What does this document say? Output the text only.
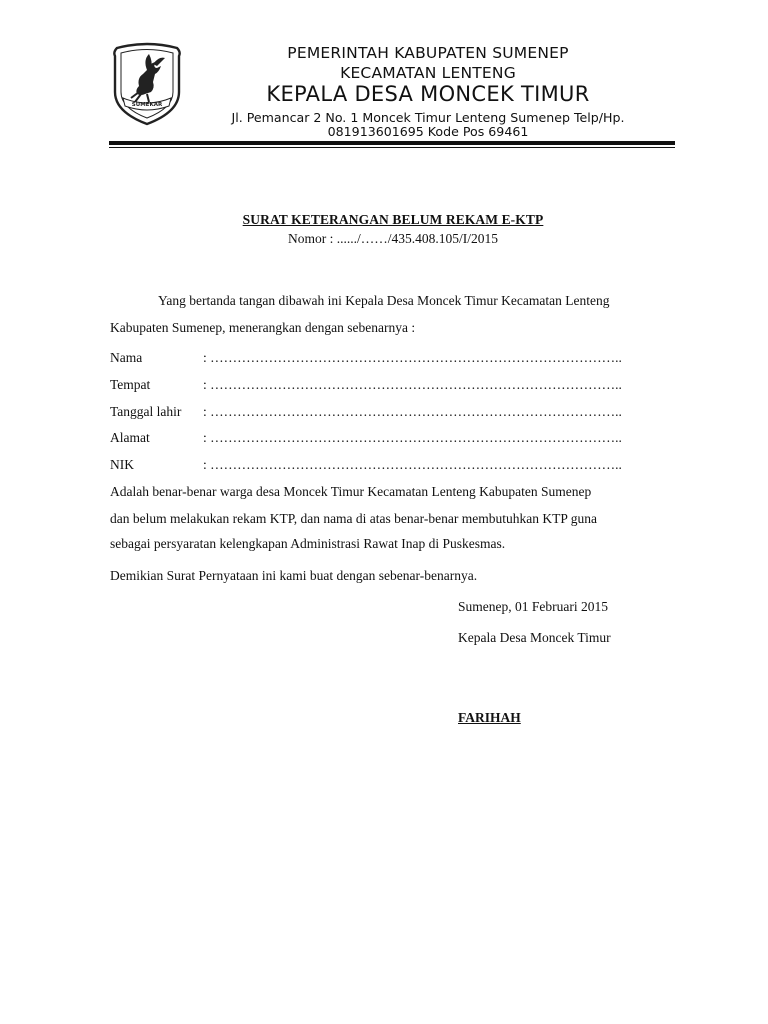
SUMEKAR
PEMERINTAH KABUPATEN SUMENEP
KECAMATAN LENTENG
KEPALA DESA MONCEK TIMUR
Jl. Pemancar 2 No. 1 Moncek Timur Lenteng Sumenep Telp/Hp.
081913601695 Kode Pos 69461
SURAT KETERANGAN BELUM REKAM E-KTP
Nomor : ....../……/435.408.105/I/2015
Yang bertanda tangan dibawah ini Kepala Desa Moncek Timur Kecamatan Lenteng
Kabupaten Sumenep, menerangkan dengan sebenarnya :
Nama	: ………………………………………………………………………………..
Tempat	: ………………………………………………………………………………..
Tanggal lahir : ………………………………………………………………………………..
Alamat	: ………………………………………………………………………………..
NIK	: ………………………………………………………………………………..
Adalah benar-benar warga desa Moncek Timur Kecamatan Lenteng Kabupaten Sumenep
dan belum melakukan rekam KTP, dan nama di atas benar-benar membutuhkan KTP guna
sebagai persyaratan kelengkapan Administrasi Rawat Inap di Puskesmas.
Demikian Surat Pernyataan ini kami buat dengan sebenar-benarnya.
Sumenep, 01 Februari 2015
Kepala Desa Moncek Timur
FARIHAH
